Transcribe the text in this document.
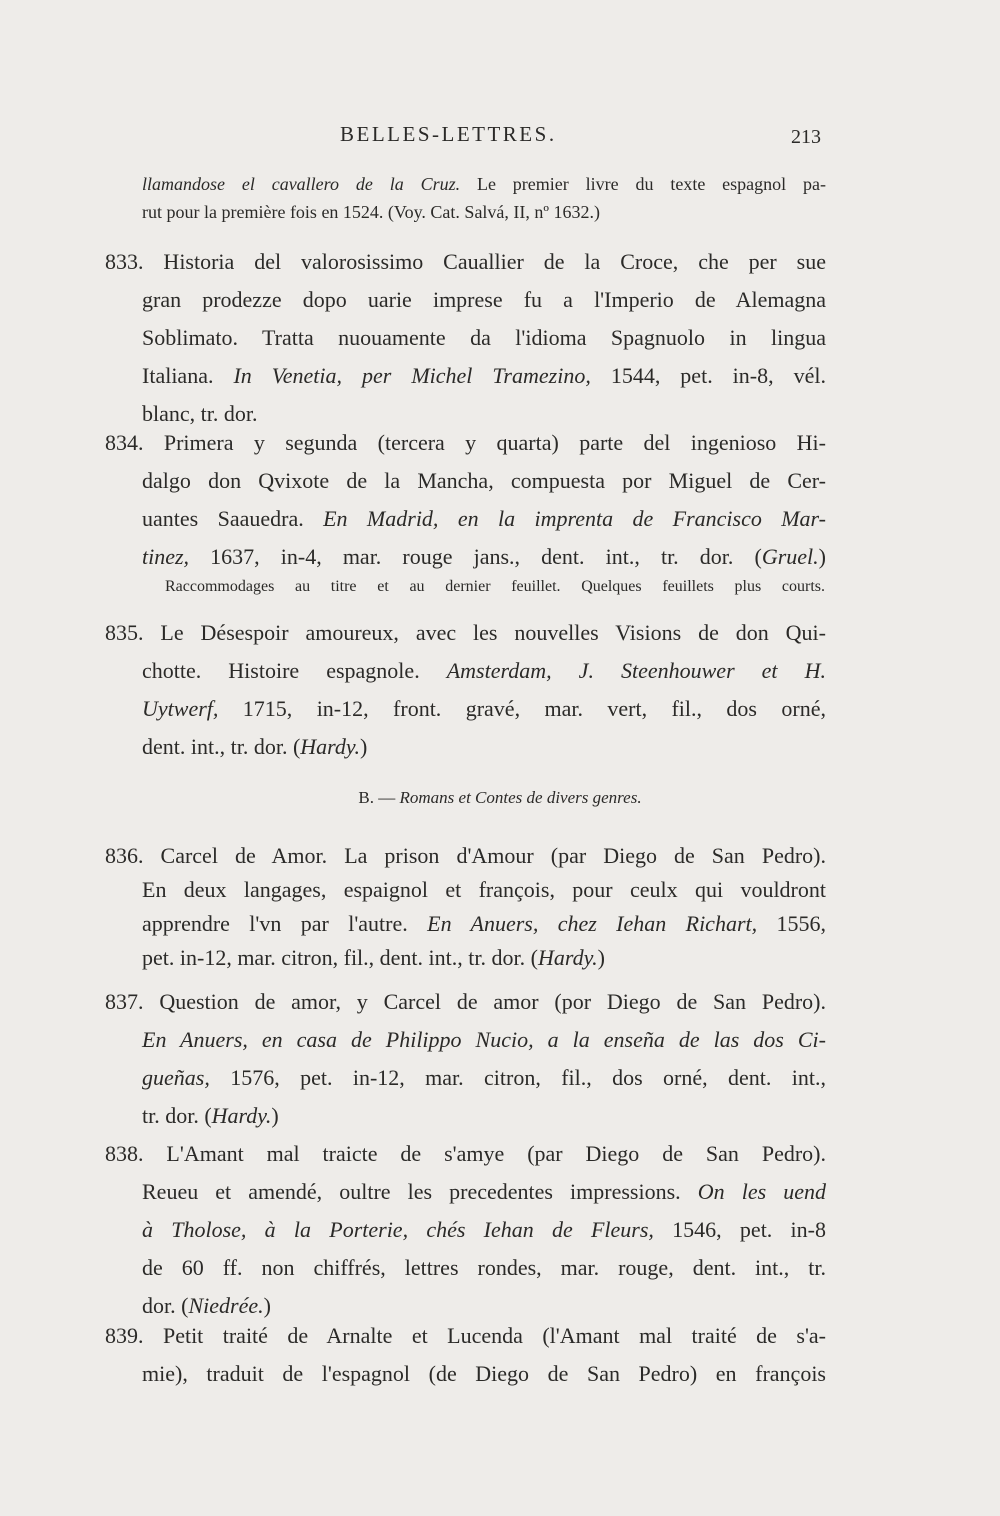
BELLES-LETTRES.	213
llamandose el cavallero de la Cruz. Le premier livre du texte espagnol pa-
rut pour la première fois en 1524. (Voy. Cat. Salvá, II, nº 1632.)
833. Historia del valorosissimo Cauallier de la Croce, che per sue
gran prodezze dopo uarie imprese fu a l'Imperio de Alemagna
Soblimato. Tratta nuouamente da l'idioma Spagnuolo in lingua
Italiana. In Venetia, per Michel Tramezino, 1544, pet. in-8, vél.
blanc, tr. dor.
834. Primera y segunda (tercera y quarta) parte del ingenioso Hi-
dalgo don Qvixote de la Mancha, compuesta por Miguel de Cer-
uantes Saauedra. En Madrid, en la imprenta de Francisco Mar-
tinez, 1637, in-4, mar. rouge jans., dent. int., tr. dor. (Gruel.)
Raccommodages au titre et au dernier feuillet. Quelques feuillets plus courts.
835. Le Désespoir amoureux, avec les nouvelles Visions de don Qui-
chotte. Histoire espagnole. Amsterdam, J. Steenhouwer et H.
Uytwerf, 1715, in-12, front. gravé, mar. vert, fil., dos orné,
dent. int., tr. dor. (Hardy.)
B. — Romans et Contes de divers genres.
836. Carcel de Amor. La prison d'Amour (par Diego de San Pedro).
En deux langages, espaignol et françois, pour ceulx qui vouldront
apprendre l'vn par l'autre. En Anuers, chez Iehan Richart, 1556,
pet. in-12, mar. citron, fil., dent. int., tr. dor. (Hardy.)
837. Question de amor, y Carcel de amor (por Diego de San Pedro).
En Anuers, en casa de Philippo Nucio, a la enseña de las dos Ci-
gueñas, 1576, pet. in-12, mar. citron, fil., dos orné, dent. int.,
tr. dor. (Hardy.)
838. L'Amant mal traicte de s'amye (par Diego de San Pedro).
Reueu et amendé, oultre les precedentes impressions. On les uend
à Tholose, à la Porterie, chés Iehan de Fleurs, 1546, pet. in-8
de 60 ff. non chiffrés, lettres rondes, mar. rouge, dent. int., tr.
dor. (Niedrée.)
839. Petit traité de Arnalte et Lucenda (l'Amant mal traité de s'a-
mie), traduit de l'espagnol (de Diego de San Pedro) en françois
